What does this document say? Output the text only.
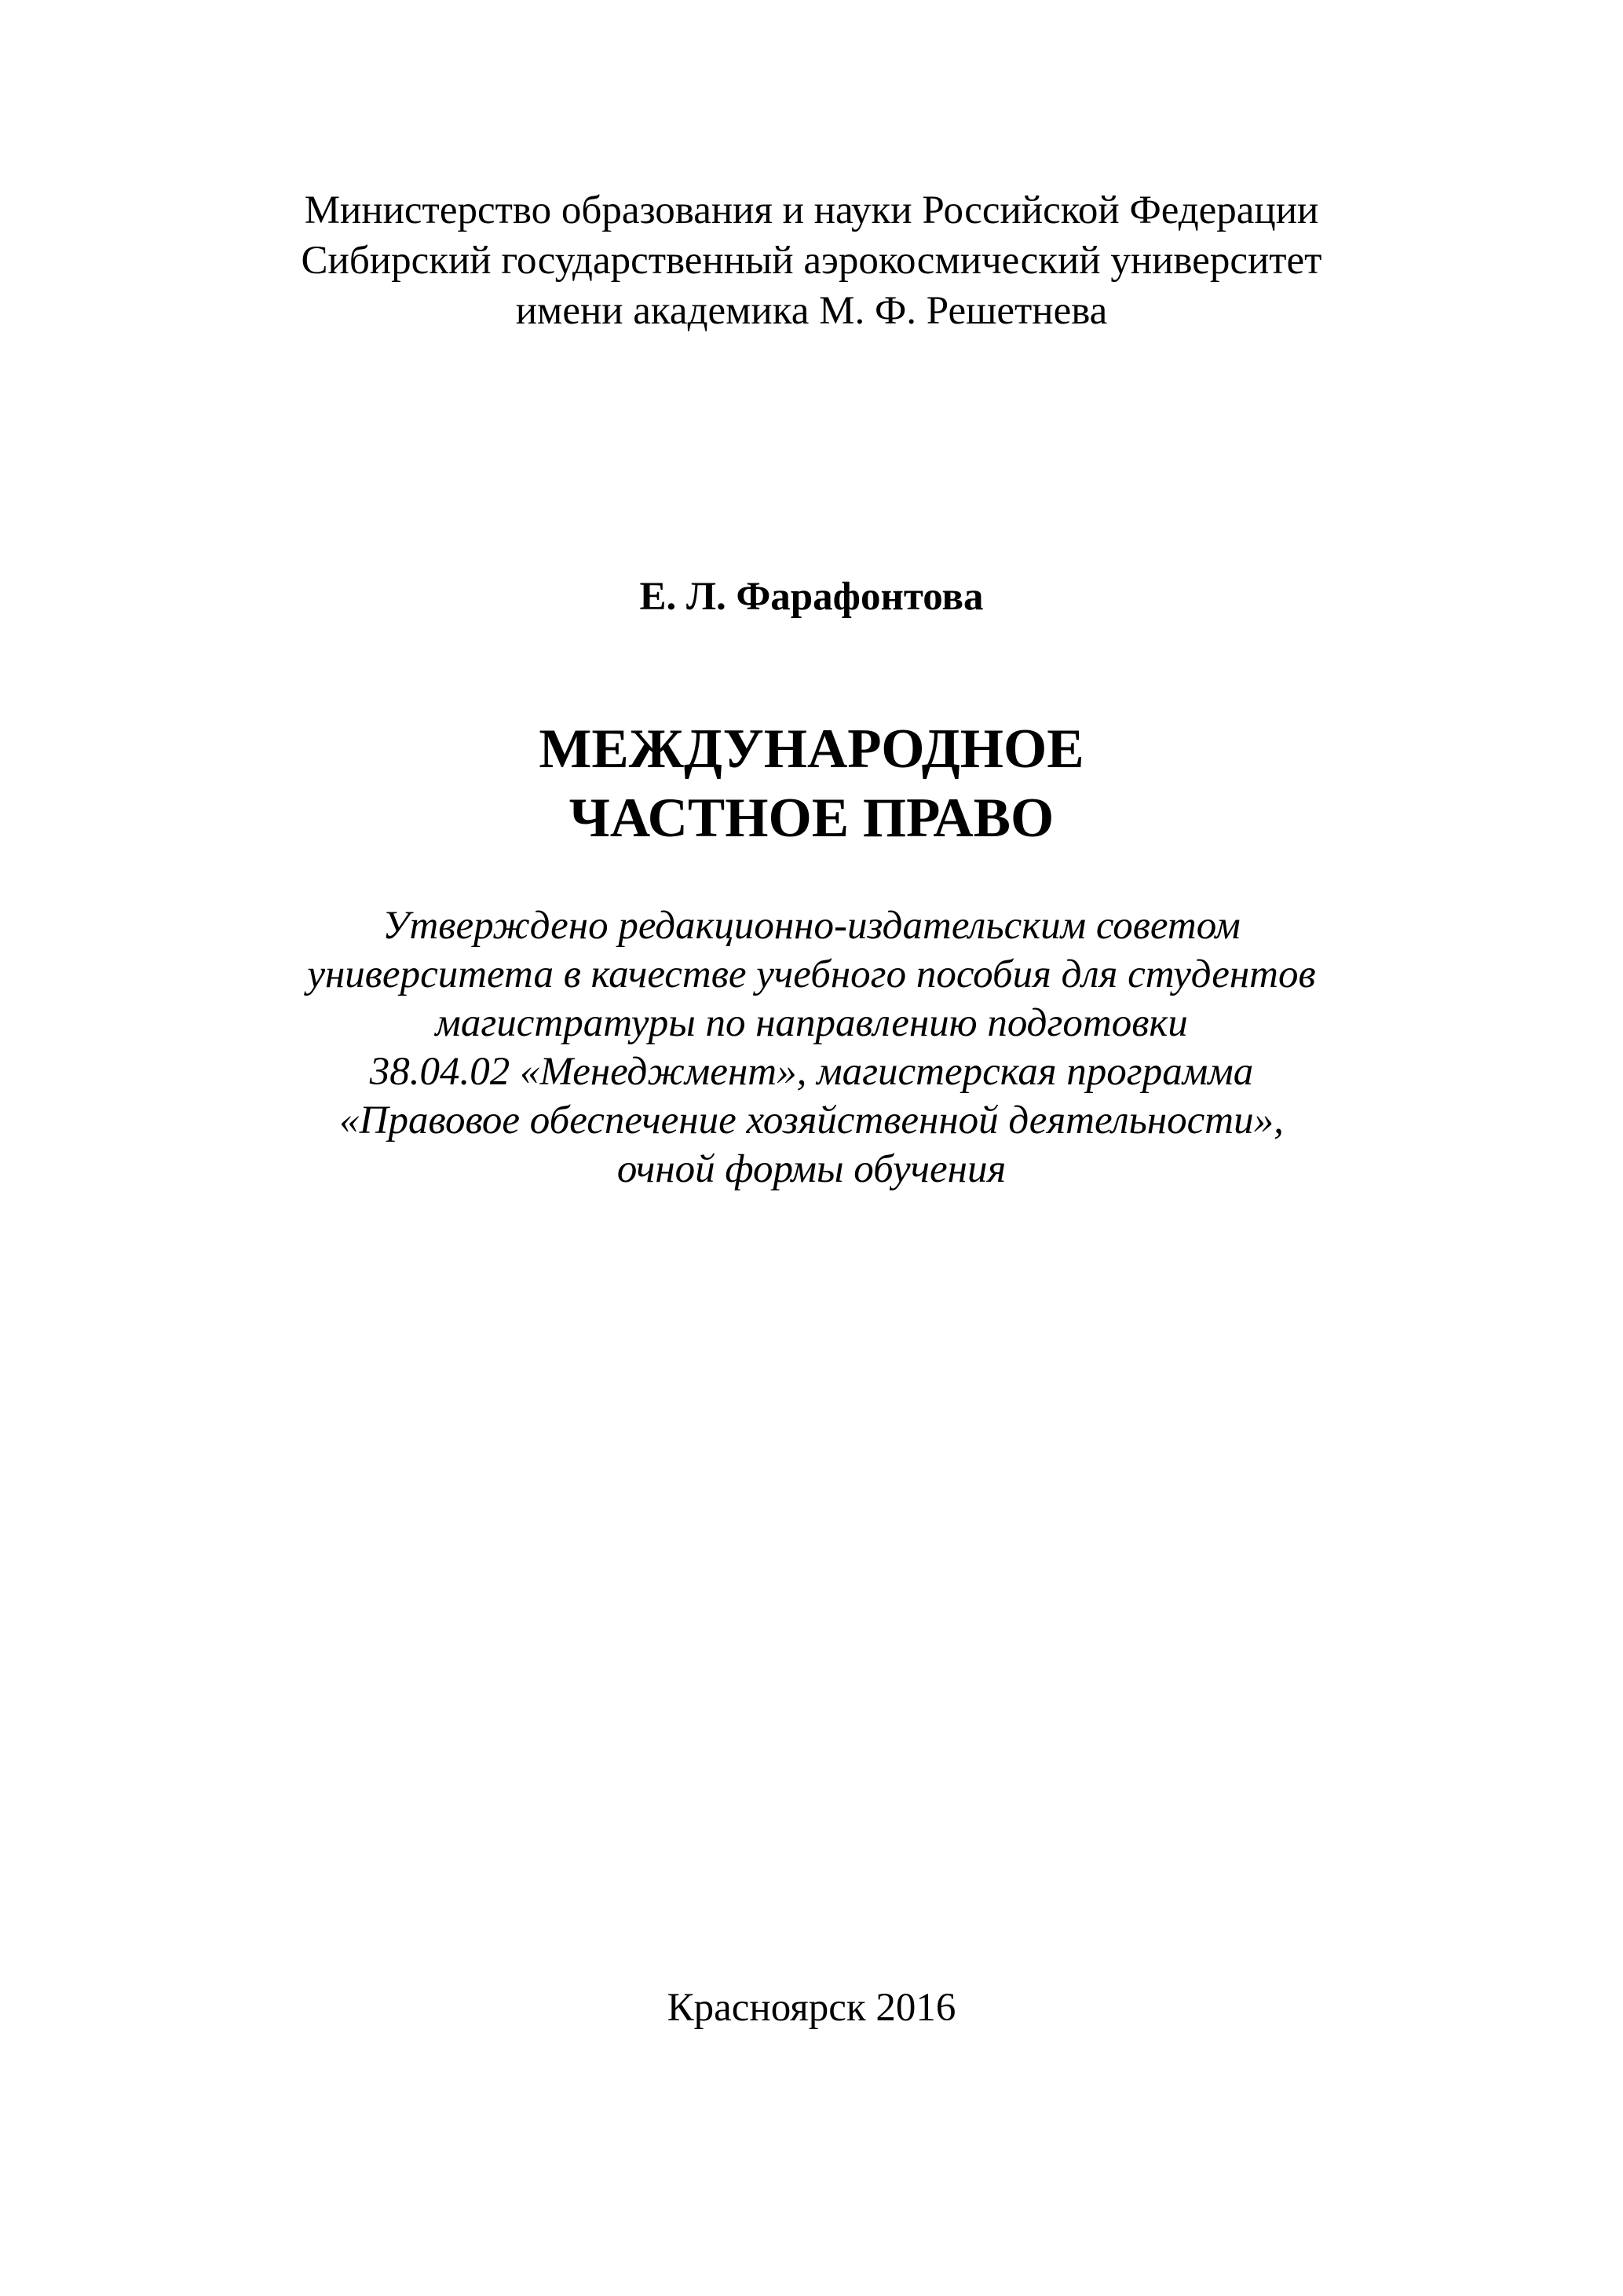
Министерство образования и науки Российской Федерации
Сибирский государственный аэрокосмический университет
имени академика М. Ф. Решетнева
Е. Л. Фарафонтова
МЕЖДУНАРОДНОЕ
ЧАСТНОЕ ПРАВО
Утверждено редакционно-издательским советом
университета в качестве учебного пособия для студентов
магистратуры по направлению подготовки
38.04.02 «Менеджмент», магистерская программа
«Правовое обеспечение хозяйственной деятельности»,
очной формы обучения
Красноярск 2016
